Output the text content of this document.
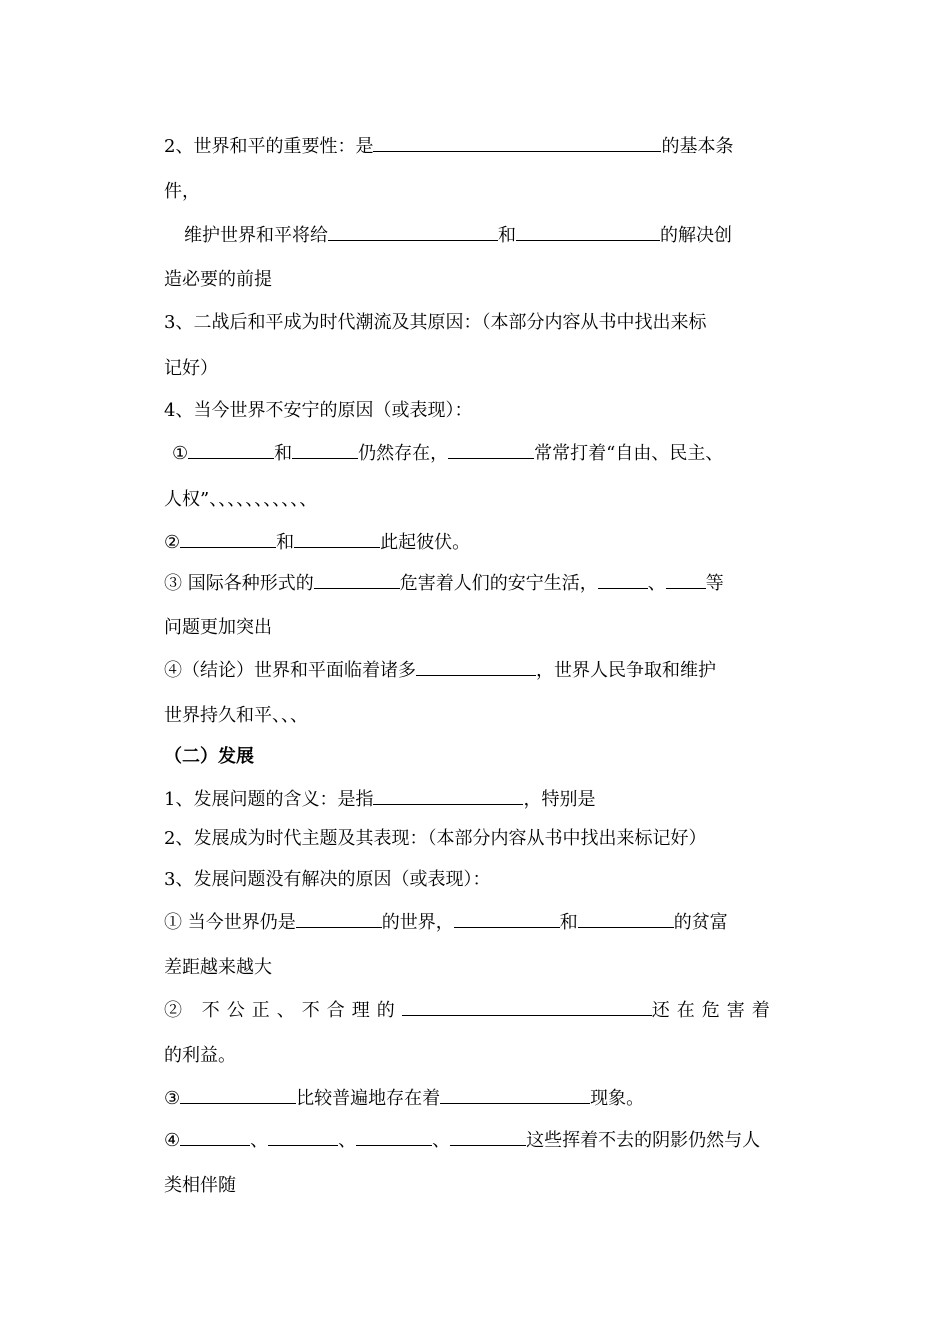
2、世界和平的重要性：是	的基本条
件，
维护世界和平将给	和	的解决创
造必要的前提
3、二战后和平成为时代潮流及其原因：（本部分内容从书中找出来标
记好）
4、当今世界不安宁的原因（或表现）：
①	和	仍然存在，	常常打着“自由、民主、
人权”、、、、、、、、、、、
②	和	此起彼伏。
③ 国际各种形式的	危害着人们的安宁生活，	、 等
问题更加突出
④（结论）世界和平面临着诸多	，世界人民争取和维护
世界持久和平、、、
（二）发展
1、发展问题的含义：是指	，特别是
2、发展成为时代主题及其表现：（本部分内容从书中找出来标记好）
3、发展问题没有解决的原因（或表现）：
① 当今世界仍是	的世界，	和	的贫富
差距越来越大
② 不公正、不合理的	还在危害着
的利益。
③	比较普遍地存在着	现象。
④	、	、	、	这些挥着不去的阴影仍然与人
类相伴随
